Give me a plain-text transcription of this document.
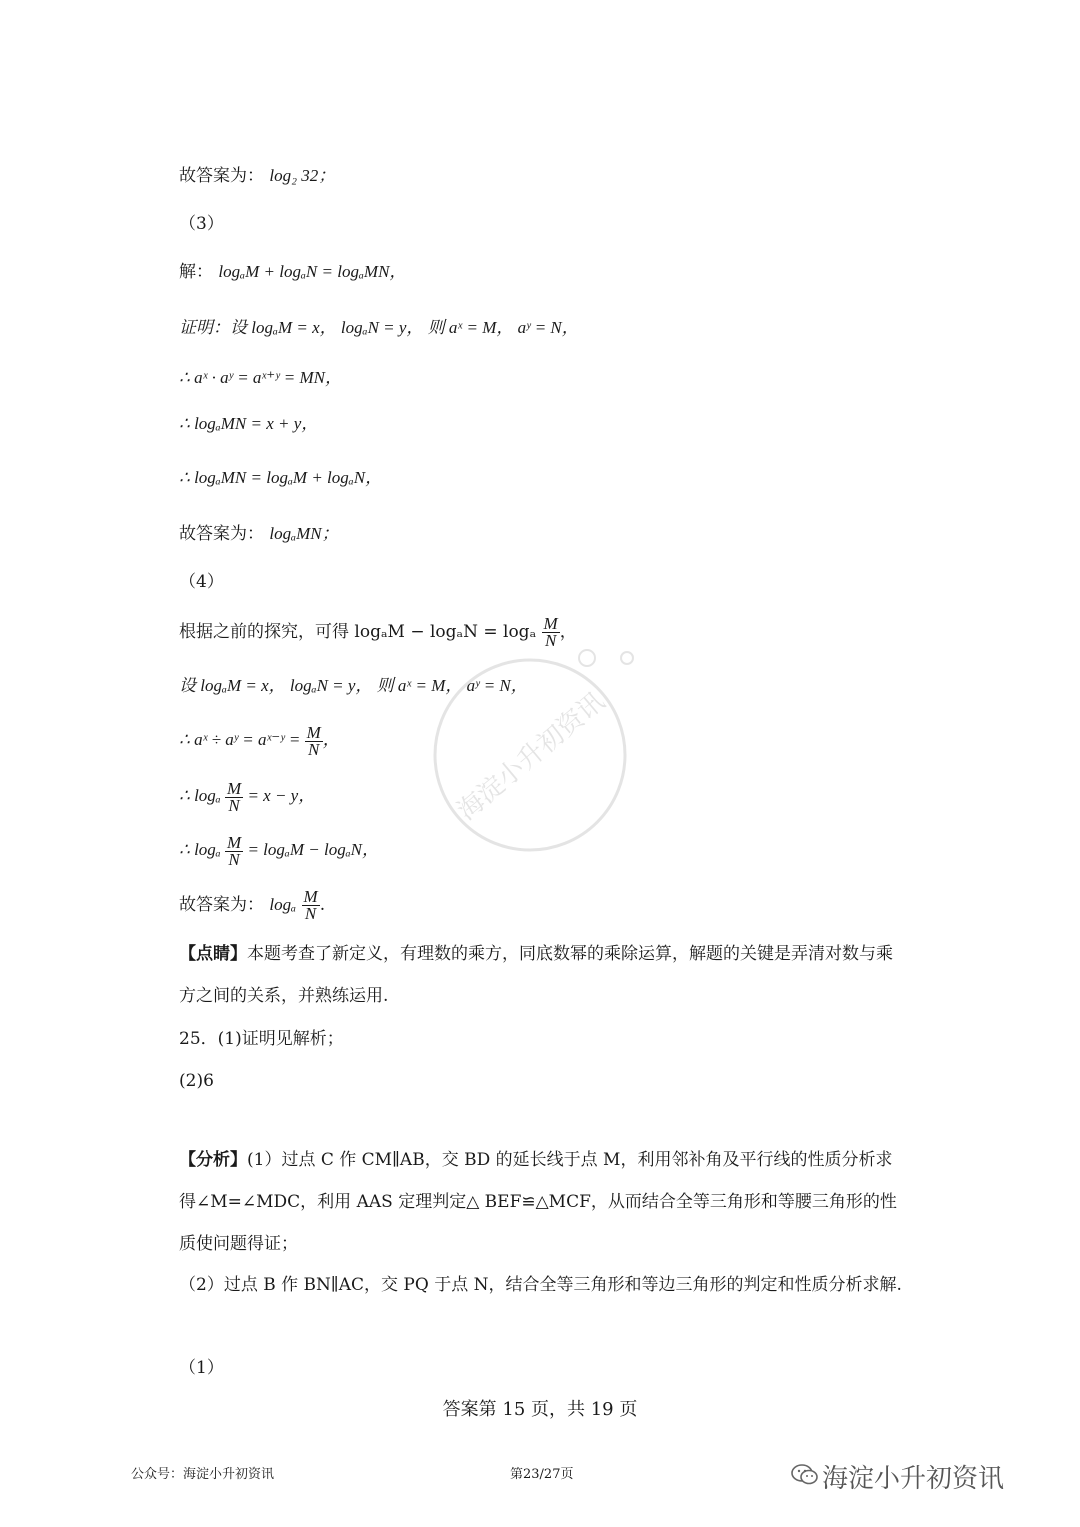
海淀小升初资讯
故答案为： log₂ 32；
（3）
解： logₐM + logₐN = logₐMN，
证明：设 logₐM = x， logₐN = y， 则 aˣ = M， aʸ = N，
∴ aˣ · aʸ = aˣ⁺ʸ = MN，
∴ logₐMN = x + y，
∴ logₐMN = logₐM + logₐN，
故答案为： logₐMN；
（4）
根据之前的探究，可得 logₐM − logₐN = logₐ $\frac{M}{N}$ ，
设 logₐM = x， logₐN = y， 则 aˣ = M， aʸ = N，
∴ aˣ ÷ aʸ = aˣ⁻ʸ = $\frac{M}{N}$ ，
∴ logₐ $\frac{M}{N} = x - y$，
∴ logₐ $\frac{M}{N} = \log_aM - \log_aN$，
故答案为： logₐ $\frac{M}{N}$ .
【点睛】本题考查了新定义，有理数的乘方，同底数幂的乘除运算，解题的关键是弄清对数与乘方之间的关系，并熟练运用.
25．(1)证明见解析；
(2)6
【分析】(1）过点 C 作 CM∥AB，交 BD 的延长线于点 M，利用邻补角及平行线的性质分析求得∠M=∠MDC，利用 AAS 定理判定△ BEF≌△MCF，从而结合全等三角形和等腰三角形的性质使问题得证；
（2）过点 B 作 BN∥AC，交 PQ 于点 N，结合全等三角形和等边三角形的判定和性质分析求解.
（1）
答案第 15 页，共 19 页
公众号：海淀小升初资讯	第23/27页	海淀小升初资讯
